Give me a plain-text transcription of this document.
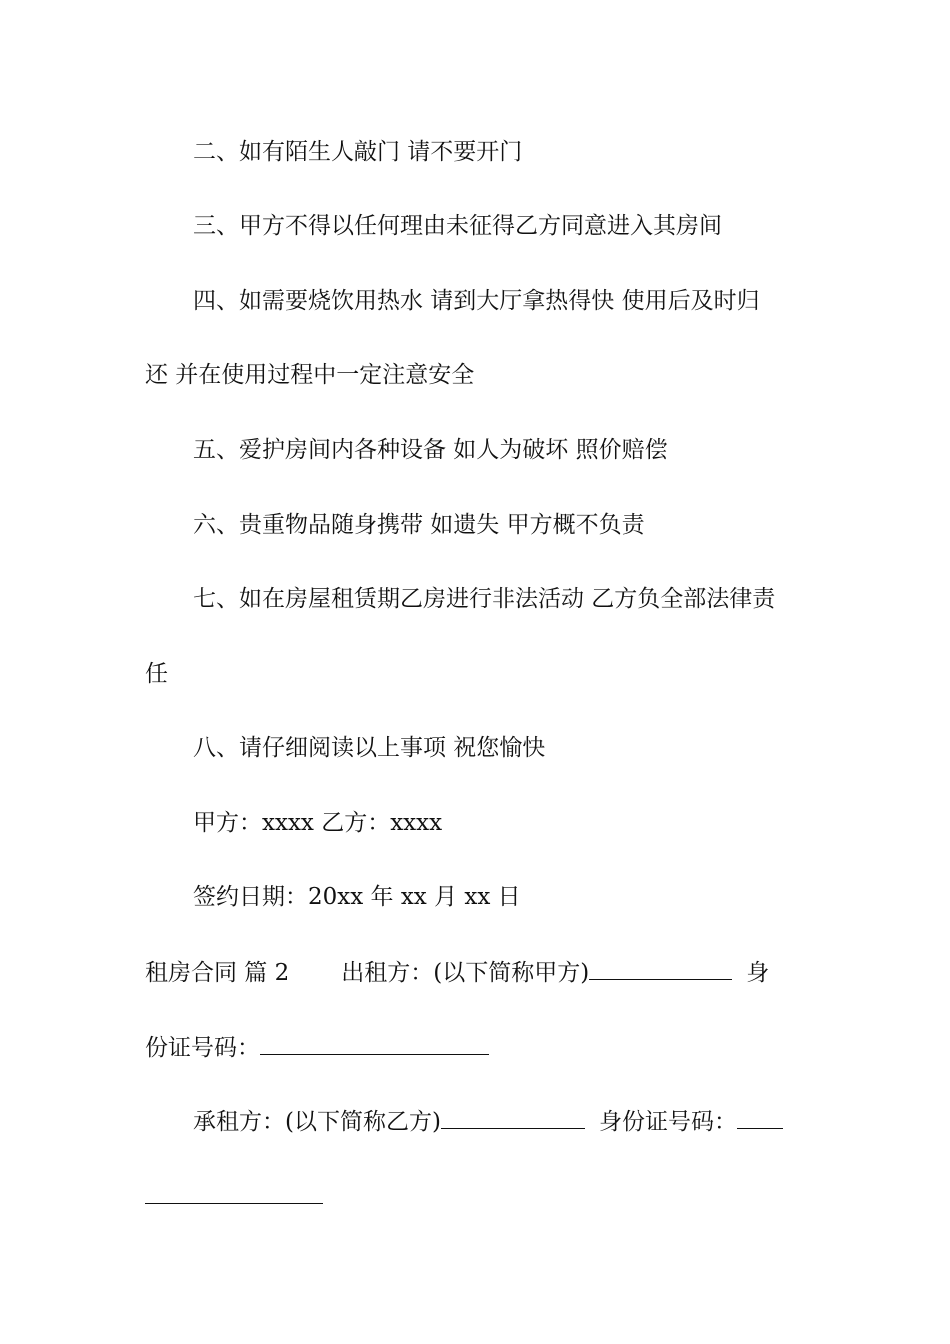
二、如有陌生人敲门 请不要开门
三、甲方不得以任何理由未征得乙方同意进入其房间
四、如需要烧饮用热水 请到大厅拿热得快 使用后及时归
还 并在使用过程中一定注意安全
五、爱护房间内各种设备 如人为破坏 照价赔偿
六、贵重物品随身携带 如遗失 甲方概不负责
七、如在房屋租赁期乙房进行非法活动 乙方负全部法律责
任
八、请仔细阅读以上事项 祝您愉快
甲方：xxxx 乙方：xxxx
签约日期：20xx 年 xx 月 xx 日
租房合同 篇 2 出租方：(以下简称甲方)	身
份证号码：
承租方：(以下简称乙方)	身份证号码：
